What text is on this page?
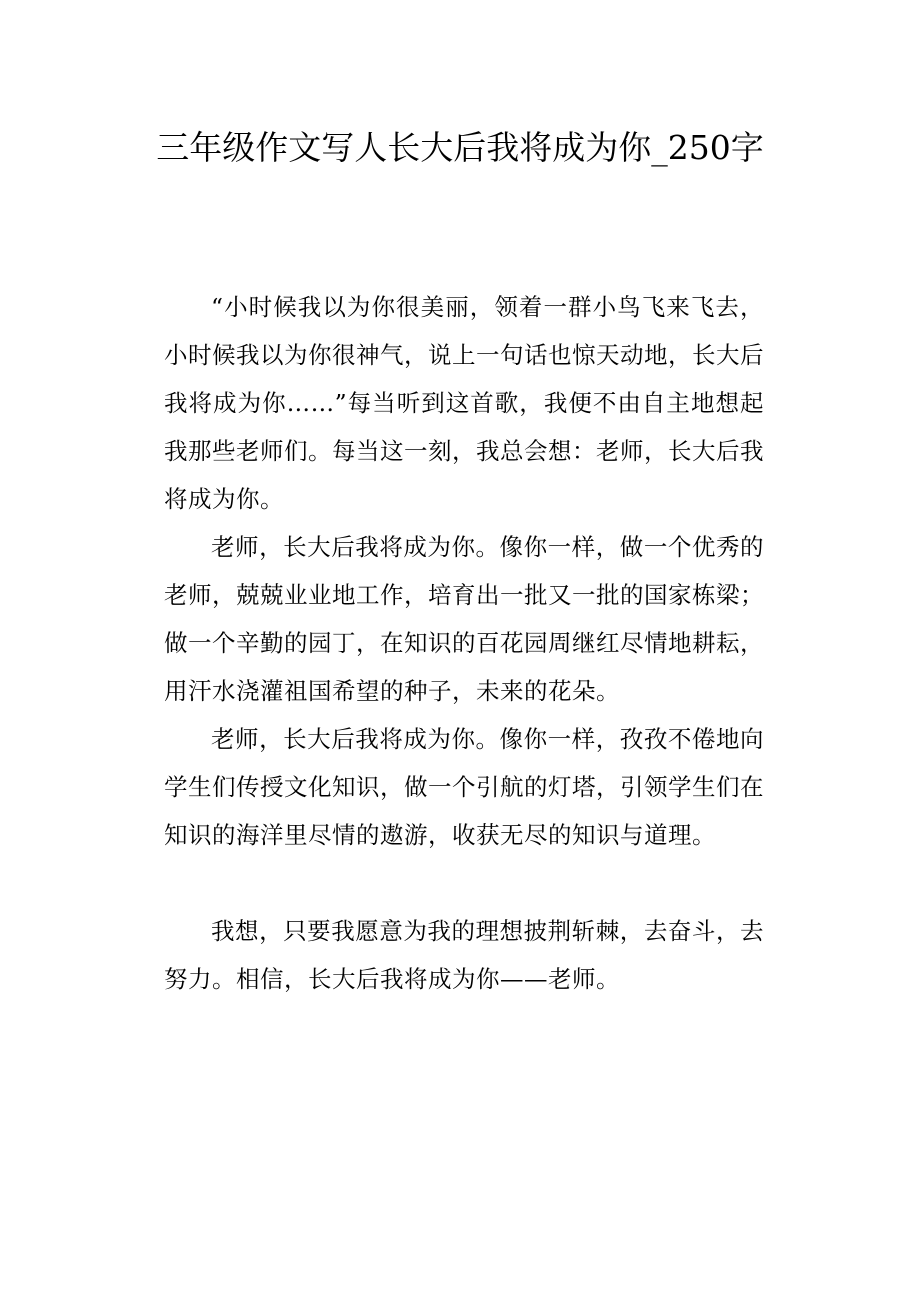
三年级作文写人长大后我将成为你_250字

“小时候我以为你很美丽，领着一群小鸟飞来飞去，小时候我以为你很神气，说上一句话也惊天动地，长大后我将成为你……”每当听到这首歌，我便不由自主地想起我那些老师们。每当这一刻，我总会想：老师，长大后我将成为你。

老师，长大后我将成为你。像你一样，做一个优秀的老师，兢兢业业地工作，培育出一批又一批的国家栋梁；做一个辛勤的园丁，在知识的百花园周继红尽情地耕耘，用汗水浇灌祖国希望的种子，未来的花朵。

老师，长大后我将成为你。像你一样，孜孜不倦地向学生们传授文化知识，做一个引航的灯塔，引领学生们在知识的海洋里尽情的遨游，收获无尽的知识与道理。

我想，只要我愿意为我的理想披荆斩棘，去奋斗，去努力。相信，长大后我将成为你——老师。
